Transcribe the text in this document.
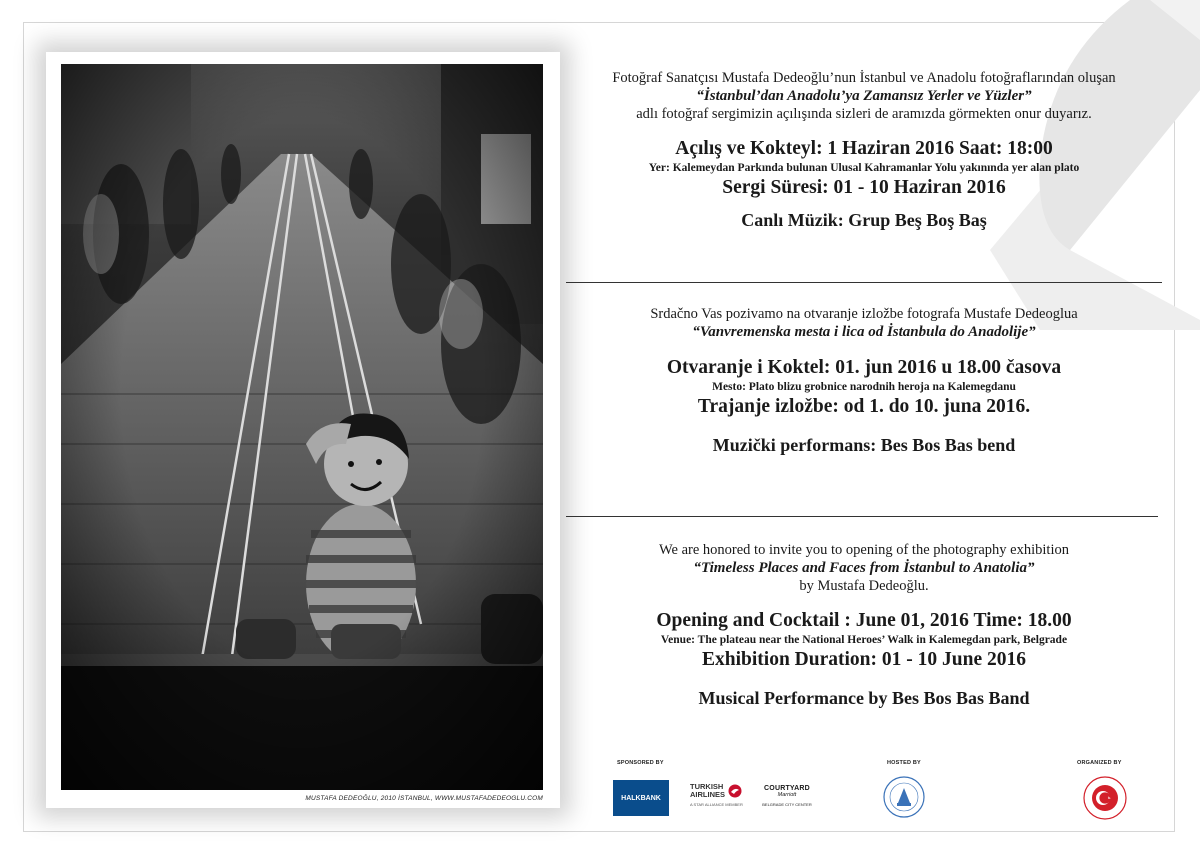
MUSTAFA DEDEOĞLU, 2010 İSTANBUL, WWW.MUSTAFADEDEOGLU.COM
Fotoğraf Sanatçısı Mustafa Dedeoğlu’nun İstanbul ve Anadolu fotoğraflarından oluşan
“İstanbul’dan Anadolu’ya Zamansız Yerler ve Yüzler”
adlı fotoğraf sergimizin açılışında sizleri de aramızda görmekten onur duyarız.
Açılış ve Kokteyl: 1 Haziran 2016 Saat: 18:00
Yer: Kalemeydan Parkında bulunan Ulusal Kahramanlar Yolu yakınında yer alan plato
Sergi Süresi: 01 - 10 Haziran 2016
Canlı Müzik: Grup Beş Boş Baş
Srdačno Vas pozivamo na otvaranje izložbe fotografa Mustafe Dedeoglua
“Vanvremenska mesta i lica od İstanbula do Anadolije”
Otvaranje i Koktel: 01. jun 2016 u 18.00 časova
Mesto: Plato blizu grobnice narodnih heroja na Kalemegdanu
Trajanje izložbe: od 1. do 10. juna 2016.
Muzički performans: Bes Bos Bas bend
We are honored to invite you to opening of the photography exhibition
“Timeless Places and Faces from İstanbul to Anatolia”
by Mustafa Dedeoğlu.
Opening and Cocktail : June 01, 2016 Time: 18.00
Venue: The plateau near the National Heroes’ Walk in Kalemegdan park, Belgrade
Exhibition Duration: 01 - 10 June 2016
Musical Performance by Bes Bos Bas Band
SPONSORED BY	HOSTED BY	ORGANIZED BY
HALKBANK
TURKISH
AIRLINES
A STAR ALLIANCE MEMBER
COURTYARD
Marriott
BELGRADE CITY CENTER
